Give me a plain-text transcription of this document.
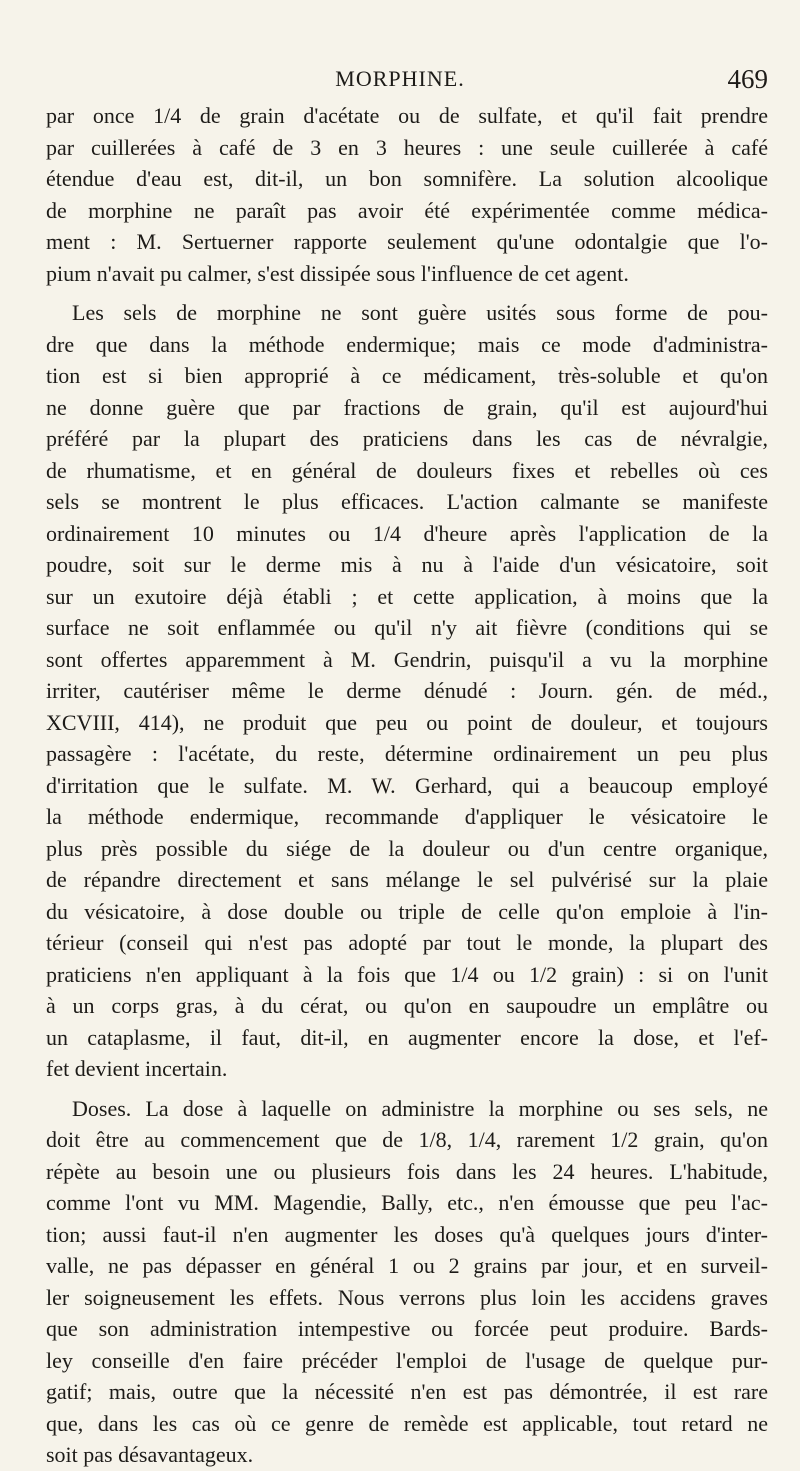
MORPHINE.	469
par once 1/4 de grain d'acétate ou de sulfate, et qu'il fait prendre
par cuillerées à café de 3 en 3 heures : une seule cuillerée à café
étendue d'eau est, dit-il, un bon somnifère. La solution alcoolique
de morphine ne paraît pas avoir été expérimentée comme médica-
ment : M. Sertuerner rapporte seulement qu'une odontalgie que l'o-
pium n'avait pu calmer, s'est dissipée sous l'influence de cet agent.
Les sels de morphine ne sont guère usités sous forme de pou-
dre que dans la méthode endermique; mais ce mode d'administra-
tion est si bien approprié à ce médicament, très-soluble et qu'on
ne donne guère que par fractions de grain, qu'il est aujourd'hui
préféré par la plupart des praticiens dans les cas de névralgie,
de rhumatisme, et en général de douleurs fixes et rebelles où ces
sels se montrent le plus efficaces. L'action calmante se manifeste
ordinairement 10 minutes ou 1/4 d'heure après l'application de la
poudre, soit sur le derme mis à nu à l'aide d'un vésicatoire, soit
sur un exutoire déjà établi ; et cette application, à moins que la
surface ne soit enflammée ou qu'il n'y ait fièvre (conditions qui se
sont offertes apparemment à M. Gendrin, puisqu'il a vu la morphine
irriter, cautériser même le derme dénudé : Journ. gén. de méd.,
XCVIII, 414), ne produit que peu ou point de douleur, et toujours
passagère : l'acétate, du reste, détermine ordinairement un peu plus
d'irritation que le sulfate. M. W. Gerhard, qui a beaucoup employé
la méthode endermique, recommande d'appliquer le vésicatoire le
plus près possible du siége de la douleur ou d'un centre organique,
de répandre directement et sans mélange le sel pulvérisé sur la plaie
du vésicatoire, à dose double ou triple de celle qu'on emploie à l'in-
térieur (conseil qui n'est pas adopté par tout le monde, la plupart des
praticiens n'en appliquant à la fois que 1/4 ou 1/2 grain) : si on l'unit
à un corps gras, à du cérat, ou qu'on en saupoudre un emplâtre ou
un cataplasme, il faut, dit-il, en augmenter encore la dose, et l'ef-
fet devient incertain.
Doses. La dose à laquelle on administre la morphine ou ses sels, ne
doit être au commencement que de 1/8, 1/4, rarement 1/2 grain, qu'on
répète au besoin une ou plusieurs fois dans les 24 heures. L'habitude,
comme l'ont vu MM. Magendie, Bally, etc., n'en émousse que peu l'ac-
tion; aussi faut-il n'en augmenter les doses qu'à quelques jours d'inter-
valle, ne pas dépasser en général 1 ou 2 grains par jour, et en surveil-
ler soigneusement les effets. Nous verrons plus loin les accidens graves
que son administration intempestive ou forcée peut produire. Bards-
ley conseille d'en faire précéder l'emploi de l'usage de quelque pur-
gatif; mais, outre que la nécessité n'en est pas démontrée, il est rare
que, dans les cas où ce genre de remède est applicable, tout retard ne
soit pas désavantageux.
